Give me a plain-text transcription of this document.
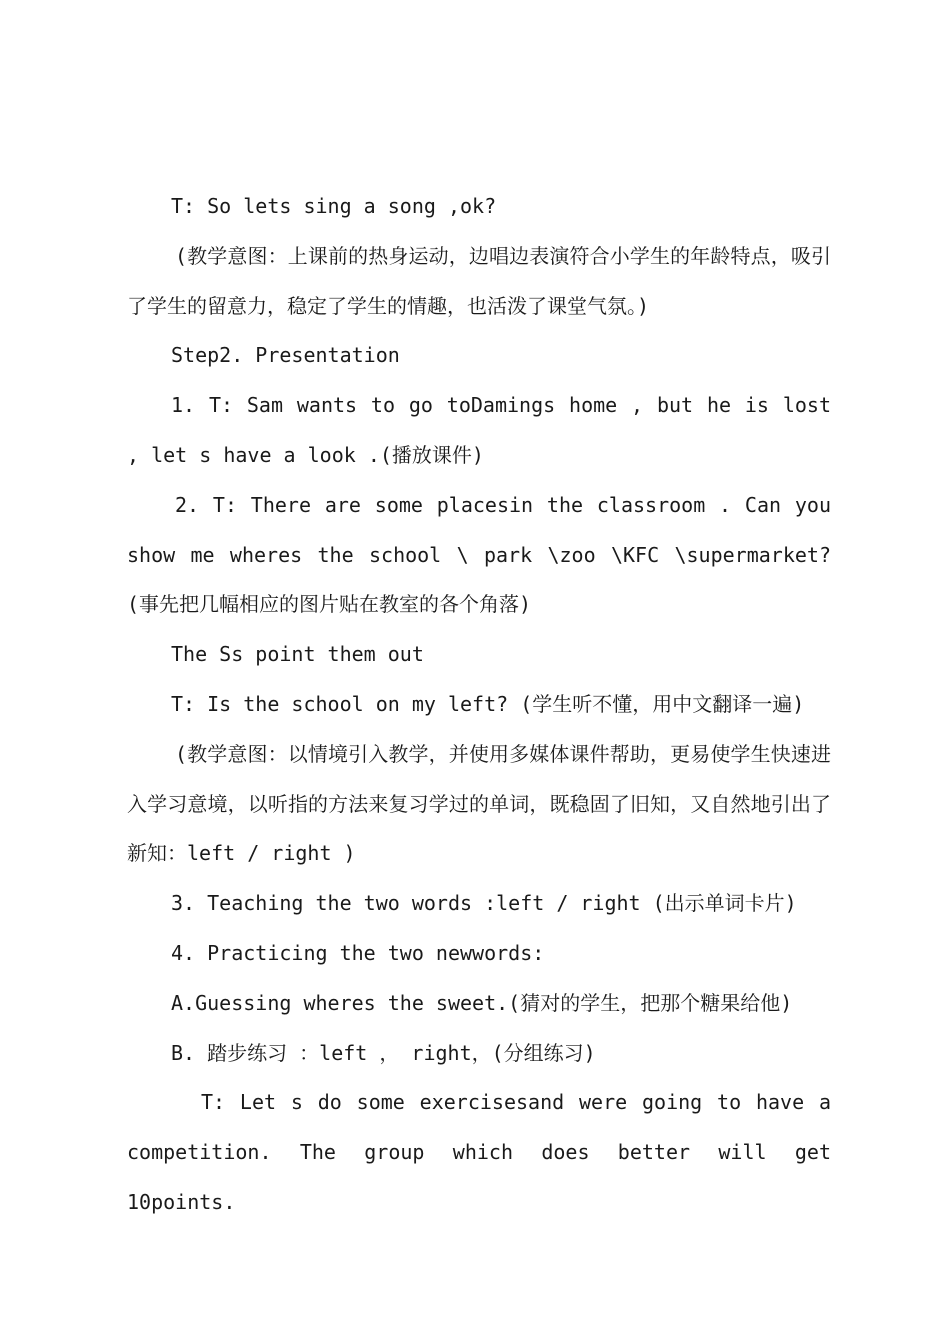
T: So lets sing a song ,ok?

(教学意图：上课前的热身运动，边唱边表演符合小学生的年龄特点，吸引了学生的留意力，稳定了学生的情趣，也活泼了课堂气氛。)

Step2. Presentation

1. T: Sam wants to go toDamings home , but he is lost , let s have a look .(播放课件)

2. T: There are some placesin the classroom . Can you show me wheres the school \ park \zoo \KFC \supermarket? (事先把几幅相应的图片贴在教室的各个角落)

The Ss point them out

T: Is the school on my left? (学生听不懂，用中文翻译一遍)

(教学意图：以情境引入教学，并使用多媒体课件帮助，更易使学生快速进入学习意境，以听指的方法来复习学过的单词，既稳固了旧知，又自然地引出了新知：left / right )

3. Teaching the two words :left / right (出示单词卡片)

4. Practicing the two newwords:

A.Guessing wheres the sweet.(猜对的学生，把那个糖果给他)

B. 踏步练习 ：left ， right，(分组练习)

T: Let s do some exercisesand were going to have a competition. The group which does better will get 10points.
